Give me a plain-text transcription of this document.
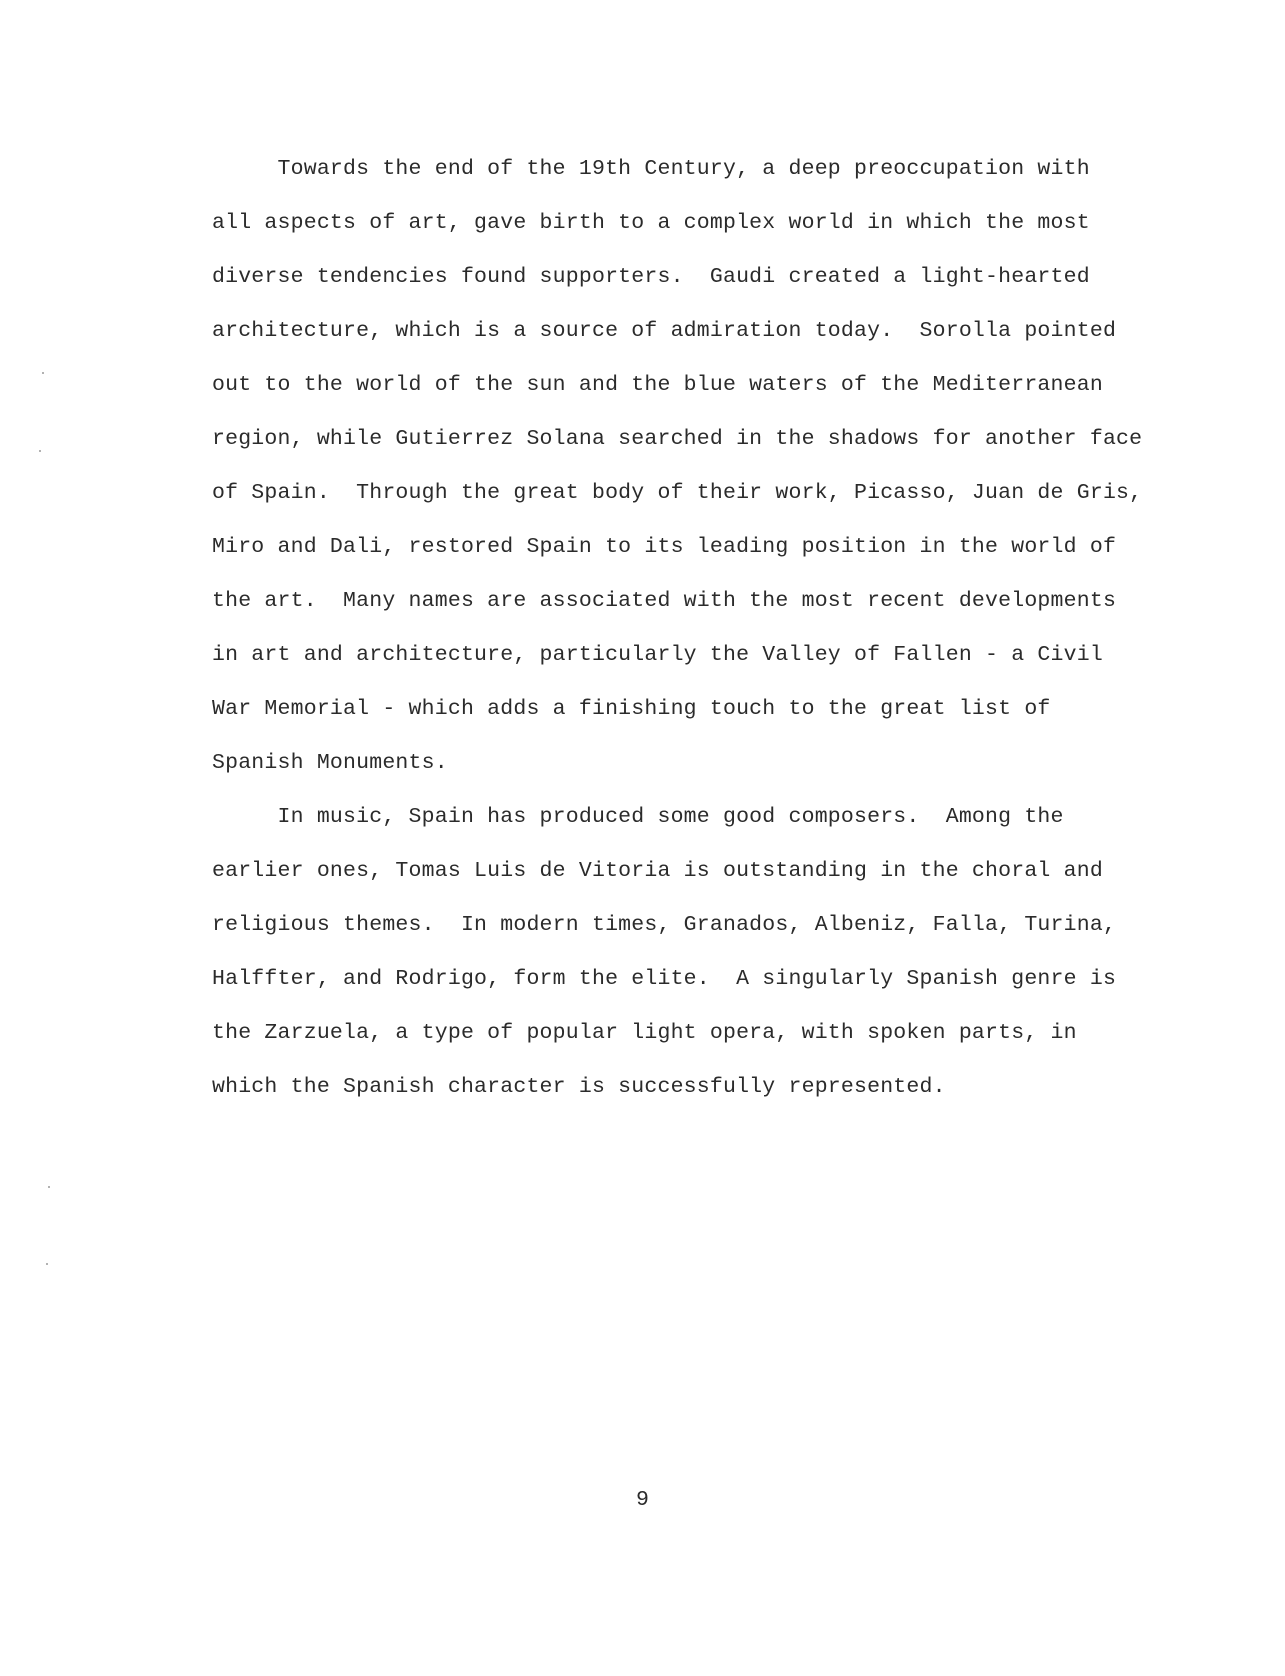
Towards the end of the 19th Century, a deep preoccupation with
all aspects of art, gave birth to a complex world in which the most
diverse tendencies found supporters.  Gaudi created a light-hearted
architecture, which is a source of admiration today.  Sorolla pointed
out to the world of the sun and the blue waters of the Mediterranean
region, while Gutierrez Solana searched in the shadows for another face
of Spain.  Through the great body of their work, Picasso, Juan de Gris,
Miro and Dali, restored Spain to its leading position in the world of
the art.  Many names are associated with the most recent developments
in art and architecture, particularly the Valley of Fallen - a Civil
War Memorial - which adds a finishing touch to the great list of
Spanish Monuments.
In music, Spain has produced some good composers.  Among the
earlier ones, Tomas Luis de Vitoria is outstanding in the choral and
religious themes.  In modern times, Granados, Albeniz, Falla, Turina,
Halffter, and Rodrigo, form the elite.  A singularly Spanish genre is
the Zarzuela, a type of popular light opera, with spoken parts, in
which the Spanish character is successfully represented.
9
